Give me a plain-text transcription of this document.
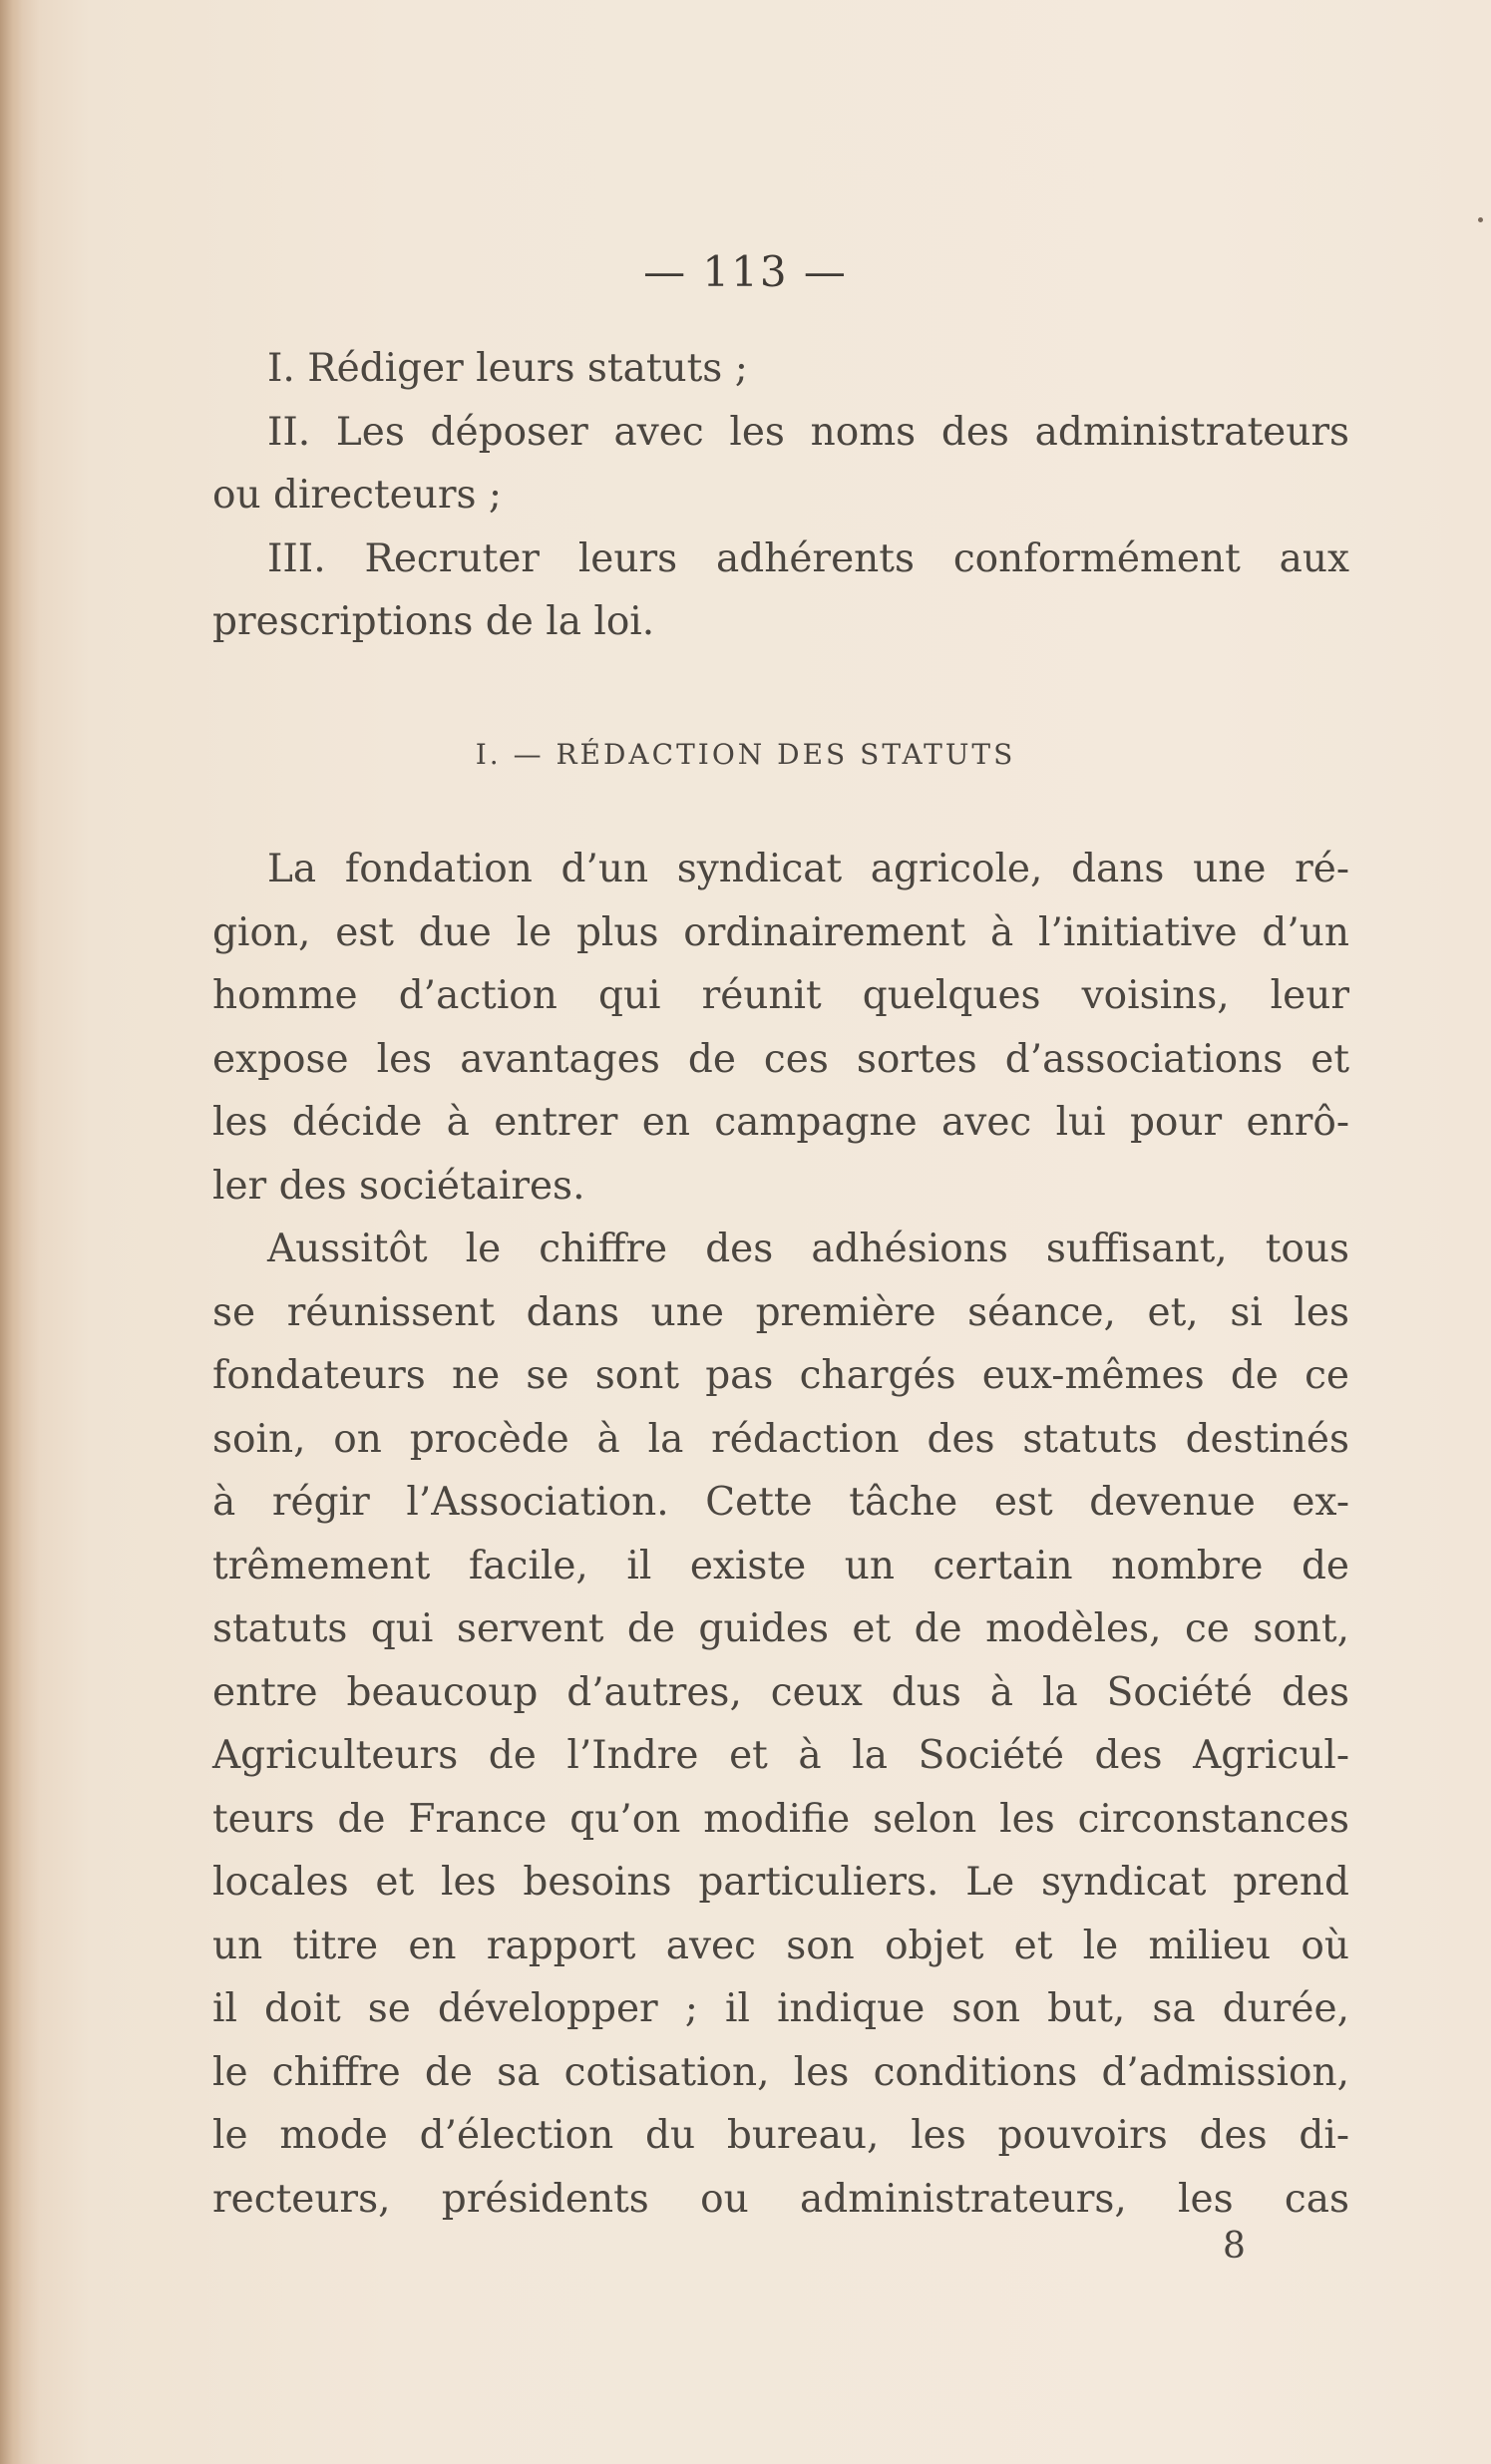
— 113 —
I. Rédiger leurs statuts ;
II. Les déposer avec les noms des administrateurs
ou directeurs ;
III. Recruter leurs adhérents conformément aux
prescriptions de la loi.
I. — RÉDACTION DES STATUTS
La fondation d’un syndicat agricole, dans une ré-
gion, est due le plus ordinairement à l’initiative d’un
homme d’action qui réunit quelques voisins, leur
expose les avantages de ces sortes d’associations et
les décide à entrer en campagne avec lui pour enrô-
ler des sociétaires.
Aussitôt le chiffre des adhésions suffisant, tous
se réunissent dans une première séance, et, si les
fondateurs ne se sont pas chargés eux-mêmes de ce
soin, on procède à la rédaction des statuts destinés
à régir l’Association. Cette tâche est devenue ex-
trêmement facile, il existe un certain nombre de
statuts qui servent de guides et de modèles, ce sont,
entre beaucoup d’autres, ceux dus à la Société des
Agriculteurs de l’Indre et à la Société des Agricul-
teurs de France qu’on modifie selon les circonstances
locales et les besoins particuliers. Le syndicat prend
un titre en rapport avec son objet et le milieu où
il doit se développer ; il indique son but, sa durée,
le chiffre de sa cotisation, les conditions d’admission,
le mode d’élection du bureau, les pouvoirs des di-
recteurs, présidents ou administrateurs, les cas
8
